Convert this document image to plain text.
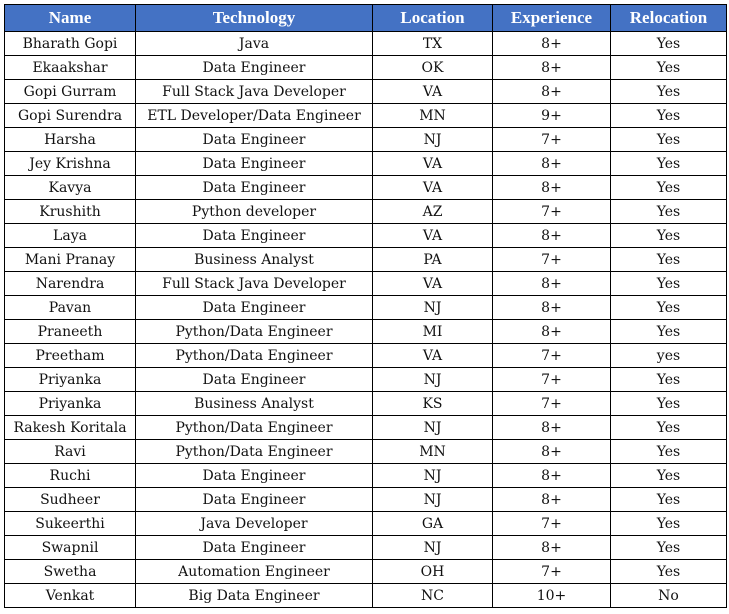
Name	Technology	Location	Experience	Relocation
Bharath Gopi	Java	TX	8+	Yes
Ekaakshar	Data Engineer	OK	8+	Yes
Gopi Gurram	Full Stack Java Developer	VA	8+	Yes
Gopi Surendra	ETL Developer/Data Engineer	MN	9+	Yes
Harsha	Data Engineer	NJ	7+	Yes
Jey Krishna	Data Engineer	VA	8+	Yes
Kavya	Data Engineer	VA	8+	Yes
Krushith	Python developer	AZ	7+	Yes
Laya	Data Engineer	VA	8+	Yes
Mani Pranay	Business Analyst	PA	7+	Yes
Narendra	Full Stack Java Developer	VA	8+	Yes
Pavan	Data Engineer	NJ	8+	Yes
Praneeth	Python/Data Engineer	MI	8+	Yes
Preetham	Python/Data Engineer	VA	7+	yes
Priyanka	Data Engineer	NJ	7+	Yes
Priyanka	Business Analyst	KS	7+	Yes
Rakesh Koritala	Python/Data Engineer	NJ	8+	Yes
Ravi	Python/Data Engineer	MN	8+	Yes
Ruchi	Data Engineer	NJ	8+	Yes
Sudheer	Data Engineer	NJ	8+	Yes
Sukeerthi	Java Developer	GA	7+	Yes
Swapnil	Data Engineer	NJ	8+	Yes
Swetha	Automation Engineer	OH	7+	Yes
Venkat	Big Data Engineer	NC	10+	No
